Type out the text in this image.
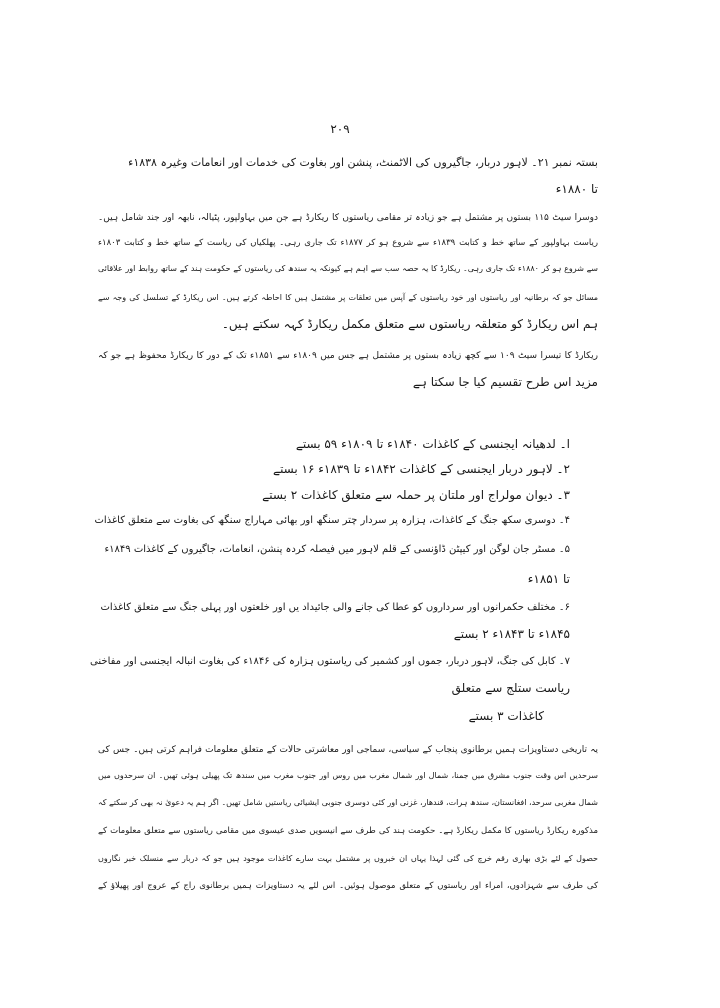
۲۰۹
بستہ نمبر ۲۱۔ لاہور دربار، جاگیروں کی الاٹمنٹ، پنشن اور بغاوت کی خدمات اور انعامات وغیرہ ۱۸۳۸ء
تا ۱۸۸۰ء
دوسرا سیٹ ۱۱۵ بستوں پر مشتمل ہے جو زیادہ تر مقامی ریاستوں کا ریکارڈ ہے جن میں بہاولپور، پٹیالہ، نابھہ اور جند شامل ہیں۔
ریاست بہاولپور کے ساتھ خط و کتابت ۱۸۳۹ء سے شروع ہو کر ۱۸۷۷ء تک جاری رہی۔ پھلکیاں کی ریاست کے ساتھ خط و کتابت ۱۸۰۳ء
سے شروع ہو کر ۱۸۸۰ء تک جاری رہی۔ ریکارڈ کا یہ حصہ سب سے اہم ہے کیونکہ یہ سندھ کی ریاستوں کے حکومت ہند کے ساتھ روابط اور علاقائی
مسائل جو کہ برطانیہ اور ریاستوں اور خود ریاستوں کے آپس میں تعلقات پر مشتمل ہیں کا احاطہ کرتے ہیں۔ اس ریکارڈ کے تسلسل کی وجہ سے
ہم اس ریکارڈ کو متعلقہ ریاستوں سے متعلق مکمل ریکارڈ کہہ سکتے ہیں۔
ریکارڈ کا تیسرا سیٹ ۱۰۹ سے کچھ زیادہ بستوں پر مشتمل ہے جس میں ۱۸۰۹ء سے ۱۸۵۱ء تک کے دور کا ریکارڈ محفوظ ہے جو کہ
مزید اس طرح تقسیم کیا جا سکتا ہے
ا۔ لدھیانہ ایجنسی کے کاغذات ۱۸۴۰ء تا ۱۸۰۹ء ۵۹ بستے
۲۔ لاہور دربار ایجنسی کے کاغذات ۱۸۴۲ء تا ۱۸۳۹ء ۱۶ بستے
۳۔ دیوان مولراج اور ملتان پر حملہ سے متعلق کاغذات ۲ بستے
۴۔ دوسری سکھ جنگ کے کاغذات، ہزارہ پر سردار چتر سنگھ اور بھائی مہاراج سنگھ کی بغاوت سے متعلق کاغذات
۵۔ مسٹر جان لوگن اور کیپٹن ڈاؤنسی کے قلم لاہور میں فیصلہ کردہ پنشن، انعامات، جاگیروں کے کاغذات ۱۸۴۹ء
تا ۱۸۵۱ء
۶۔ مختلف حکمرانوں اور سرداروں کو عطا کی جانے والی جائیداد یں اور خلعتوں اور پہلی جنگ سے متعلق کاغذات
۱۸۴۵ء تا ۱۸۴۳ء ۲ بستے
۷۔ کابل کی جنگ، لاہور دربار، جموں اور کشمیر کی ریاستوں ہزارہ کی ۱۸۴۶ء کی بغاوت انبالہ ایجنسی اور مفاخنی
ریاست ستلج سے متعلق
کاغذات ۳ بستے
یہ تاریخی دستاویزات ہمیں برطانوی پنجاب کے سیاسی، سماجی اور معاشرتی حالات کے متعلق معلومات فراہم کرتی ہیں۔ جس کی
سرحدیں اس وقت جنوب مشرق میں جمنا، شمال اور شمال مغرب میں روس اور جنوب مغرب میں سندھ تک پھیلی ہوئی تھیں۔ ان سرحدوں میں
شمال مغربی سرحد، افغانستان، سندھ ہرات، قندھار، غزنی اور کئی دوسری جنوبی ایشیائی ریاستیں شامل تھیں۔ اگر ہم یہ دعویٰ نہ بھی کر سکتے کہ
مذکورہ ریکارڈ ریاستوں کا مکمل ریکارڈ ہے۔ حکومت ہند کی طرف سے انیسویں صدی عیسوی میں مقامی ریاستوں سے متعلق معلومات کے
حصول کے لئے بڑی بھاری رقم خرچ کی گئی لہذا یہاں ان خبروں پر مشتمل بہت سارے کاغذات موجود ہیں جو کہ دربار سے منسلک خبر نگاروں
کی طرف سے شہزادوں، امراء اور ریاستوں کے متعلق موصول ہوئیں۔ اس لئے یہ دستاویزات ہمیں برطانوی راج کے عروج اور پھیلاؤ کے
